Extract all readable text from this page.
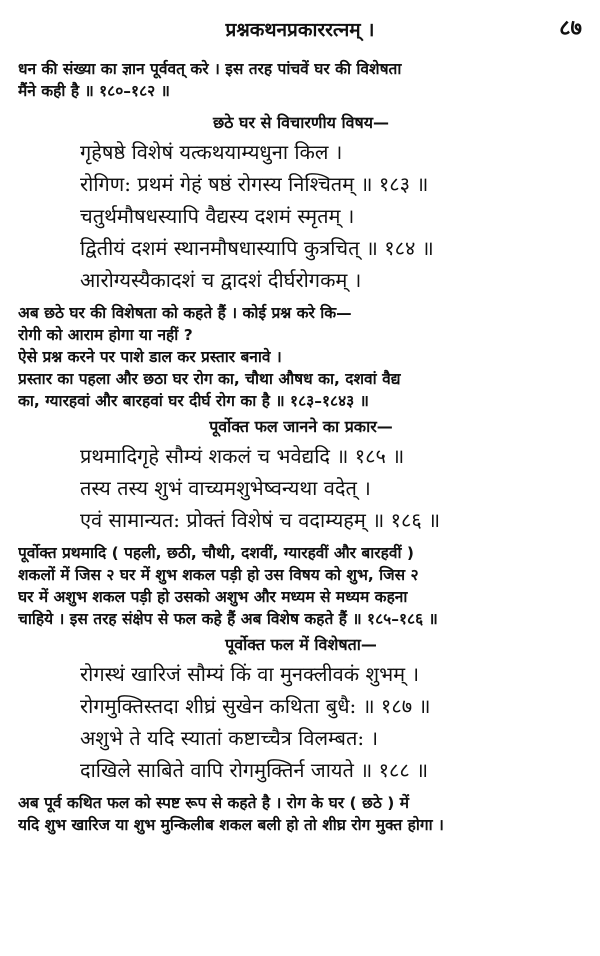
प्रश्नकथनप्रकाररत्नम् ।	८७

धन की संख्या का ज्ञान पूर्ववत् करे । इस तरह पांचवें घर की विशेषता
मैंने कही है ॥ १८०–१८२ ॥

छठे घर से विचारणीय विषय—
गृहेषष्ठे विशेषं यत्कथयाम्यधुना किल ।
रोगिण: प्रथमं गेहं षष्ठं रोगस्य निश्चितम् ॥ १८३ ॥
चतुर्थमौषधस्यापि वैद्यस्य दशमं स्मृतम् ।
द्वितीयं दशमं स्थानमौषधास्यापि कुत्रचित् ॥ १८४ ॥
आरोग्यस्यैकादशं च द्वादशं दीर्घरोगकम् ।

अब छठे घर की विशेषता को कहते हैं । कोई प्रश्न करे कि—
रोगी को आराम होगा या नहीं ?
ऐसे प्रश्न करने पर पाशे डाल कर प्रस्तार बनावे ।
प्रस्तार का पहला और छठा घर रोग का, चौथा औषध का, दशवां वैद्य
का, ग्यारहवां और बारहवां घर दीर्घ रोग का है ॥ १८३–१८४३ ॥

पूर्वोक्त फल जानने का प्रकार—
प्रथमादिगृहे सौम्यं शकलं च भवेद्यदि ॥ १८५ ॥
तस्य तस्य शुभं वाच्यमशुभेष्वन्यथा वदेत् ।
एवं सामान्यत: प्रोक्तं विशेषं च वदाम्यहम् ॥ १८६ ॥

पूर्वोक्त प्रथमादि ( पहली, छठी, चौथी, दशवीं, ग्यारहवीं और बारहवीं )
शकलों में जिस २ घर में शुभ शकल पड़ी हो उस विषय को शुभ, जिस २
घर में अशुभ शकल पड़ी हो उसको अशुभ और मध्यम से मध्यम कहना
चाहिये । इस तरह संक्षेप से फल कहे हैं अब विशेष कहते हैं ॥ १८५–१८६ ॥

पूर्वोक्त फल में विशेषता—
रोगस्थं खारिजं सौम्यं किं वा मुनक्लीवकं शुभम् ।
रोगमुक्तिस्तदा शीघ्रं सुखेन कथिता बुधै: ॥ १८७ ॥
अशुभे ते यदि स्यातां कष्टाच्चैत्र विलम्बत: ।
दाखिले साबिते वापि रोगमुक्तिर्न जायते ॥ १८८ ॥

अब पूर्व कथित फल को स्पष्ट रूप से कहते है । रोग के घर ( छठे ) में
यदि शुभ खारिज या शुभ मुन्किलीब शकल बली हो तो शीघ्र रोग मुक्त होगा ।
